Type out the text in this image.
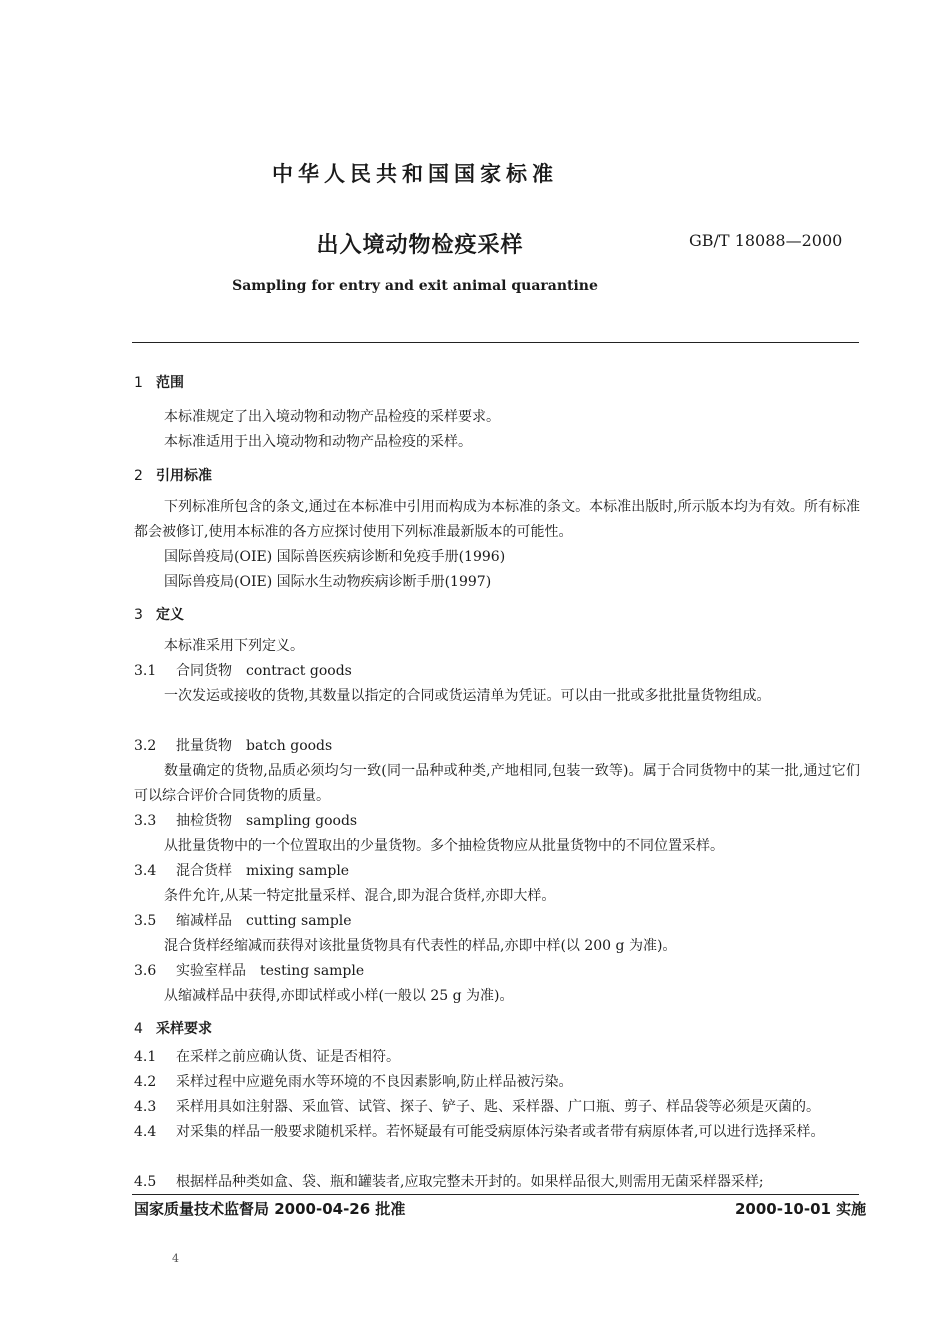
中华人民共和国国家标准
出入境动物检疫采样	GB/T 18088—2000
Sampling for entry and exit animal quarantine
1 范围
本标准规定了出入境动物和动物产品检疫的采样要求。
本标准适用于出入境动物和动物产品检疫的采样。
2 引用标准
下列标准所包含的条文,通过在本标准中引用而构成为本标准的条文。本标准出版时,所示版本均为有效。所有标准都会被修订,使用本标准的各方应探讨使用下列标准最新版本的可能性。
国际兽疫局(OIE) 国际兽医疾病诊断和免疫手册(1996)
国际兽疫局(OIE) 国际水生动物疾病诊断手册(1997)
3 定义
本标准采用下列定义。
3.1 合同货物 contract goods
一次发运或接收的货物,其数量以指定的合同或货运清单为凭证。可以由一批或多批批量货物组成。
3.2 批量货物 batch goods
数量确定的货物,品质必须均匀一致(同一品种或种类,产地相同,包装一致等)。属于合同货物中的某一批,通过它们可以综合评价合同货物的质量。
3.3 抽检货物 sampling goods
从批量货物中的一个位置取出的少量货物。多个抽检货物应从批量货物中的不同位置采样。
3.4 混合货样 mixing sample
条件允许,从某一特定批量采样、混合,即为混合货样,亦即大样。
3.5 缩减样品 cutting sample
混合货样经缩减而获得对该批量货物具有代表性的样品,亦即中样(以 200 g 为准)。
3.6 实验室样品 testing sample
从缩减样品中获得,亦即试样或小样(一般以 25 g 为准)。
4 采样要求
4.1 在采样之前应确认货、证是否相符。
4.2 采样过程中应避免雨水等环境的不良因素影响,防止样品被污染。
4.3 采样用具如注射器、采血管、试管、探子、铲子、匙、采样器、广口瓶、剪子、样品袋等必须是灭菌的。
4.4 对采集的样品一般要求随机采样。若怀疑最有可能受病原体污染者或者带有病原体者,可以进行选择采样。
4.5 根据样品种类如盒、袋、瓶和罐装者,应取完整未开封的。如果样品很大,则需用无菌采样器采样;
国家质量技术监督局 2000-04-26 批准	2000-10-01 实施
4
